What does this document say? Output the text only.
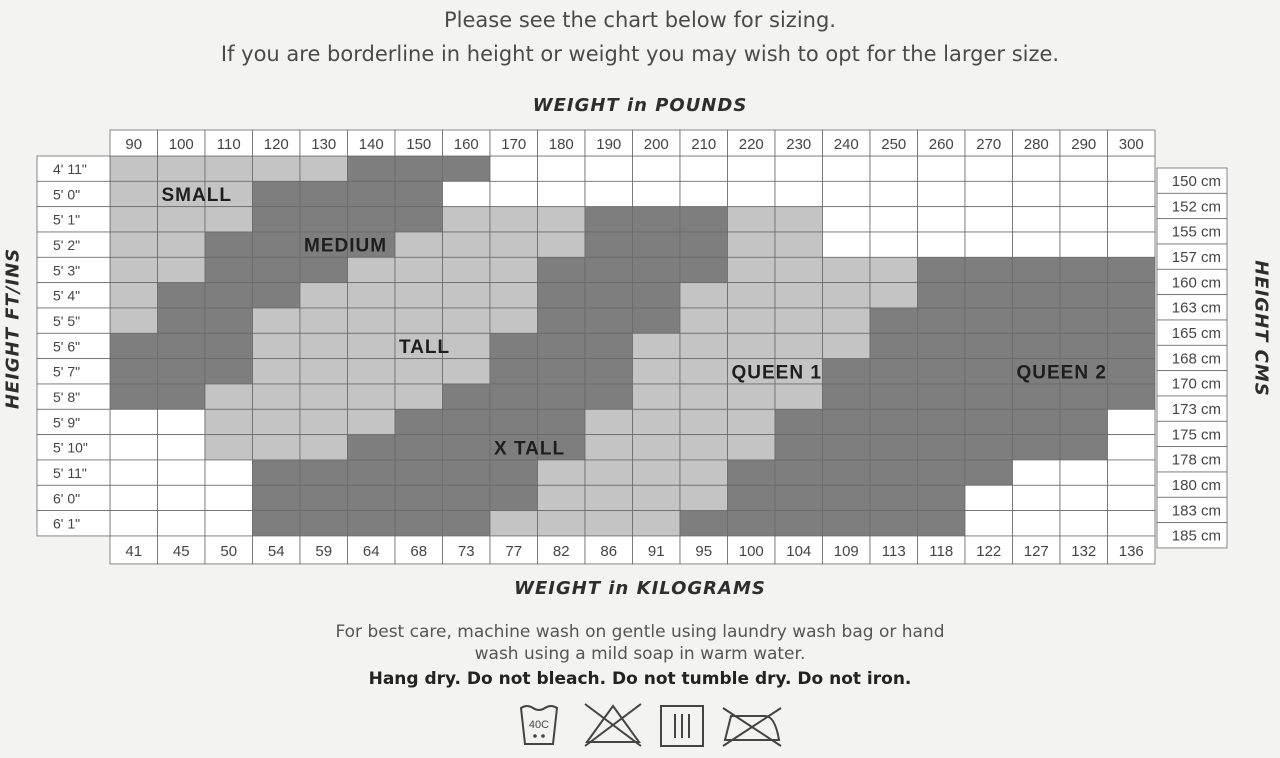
Please see the chart below for sizing.

If you are borderline in height or weight you may wish to opt for the larger size.

WEIGHT in POUNDS

HEIGHT FT/INS	HEIGHT CMS

90 100 110 120 130 140 150 160 170 180 190 200 210 220 230 240 250 260 270 280 290 300
41 45 50 54 59 64 68 73 77 82 86 91 95 100 104 109 113 118 122 127 132 136
4' 11"
5' 0"
5' 1"
5' 2"
5' 3"
5' 4"
5' 5"
5' 6"
5' 7"
5' 8"
5' 9"
5' 10"
5' 11"
6' 0"
6' 1"
150 cm
152 cm
155 cm
157 cm
160 cm
163 cm
165 cm
168 cm
170 cm
173 cm
175 cm
178 cm
180 cm
183 cm
185 cm
SMALL
MEDIUM
TALL
X TALL
QUEEN 1	QUEEN 2

WEIGHT in KILOGRAMS

For best care, machine wash on gentle using laundry wash bag or hand

wash using a mild soap in warm water.

Hang dry. Do not bleach. Do not tumble dry. Do not iron.

40C
